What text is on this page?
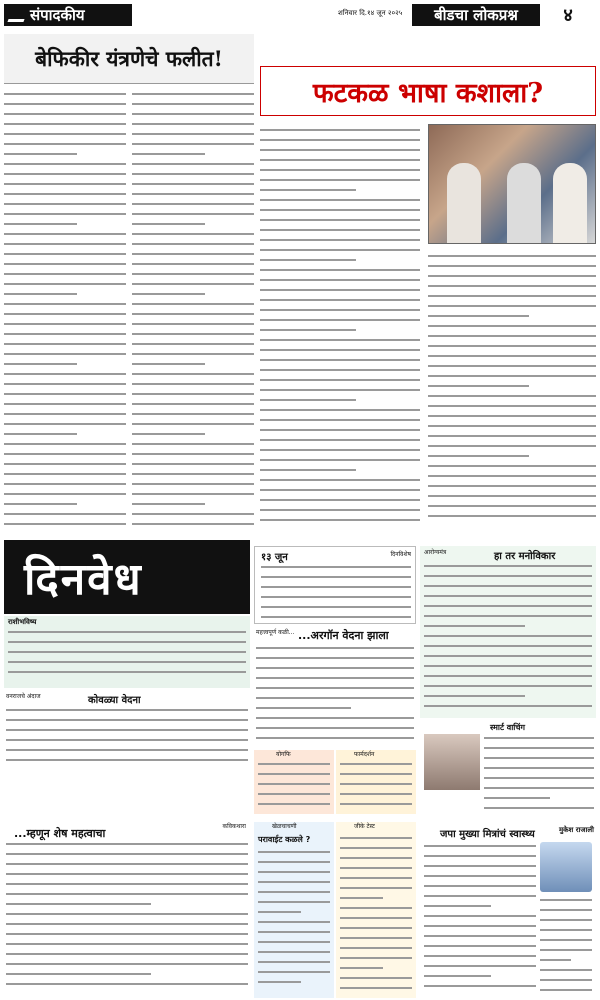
संपादकीय	शनिवार दि.१४ जून २०२५	बीडचा लोकप्रश्न	४
बेफिकीर यंत्रणेचे फलीत!
फटकळ भाषा कशाला?
दिनवेध
राशीभविष्य
वनराजचे अंदाज	कोवळ्या वेदना
१३ जून	दिनविशेष
महत्त्वपूर्ण कळी... ...अरगॉन वेदना झाला
योगफि	फार्मदर्शन
आरोग्यमंत्र	हा तर मनोविकार
स्मार्ट वाचिंग
कविकथारा
...म्हणून शेष महत्वाचा
खेळचाचणी
परावाईट कळले ?
जीके टेस्ट
जपा मुख्या मित्रांचं स्वास्थ्य	मुकेश राजाली
